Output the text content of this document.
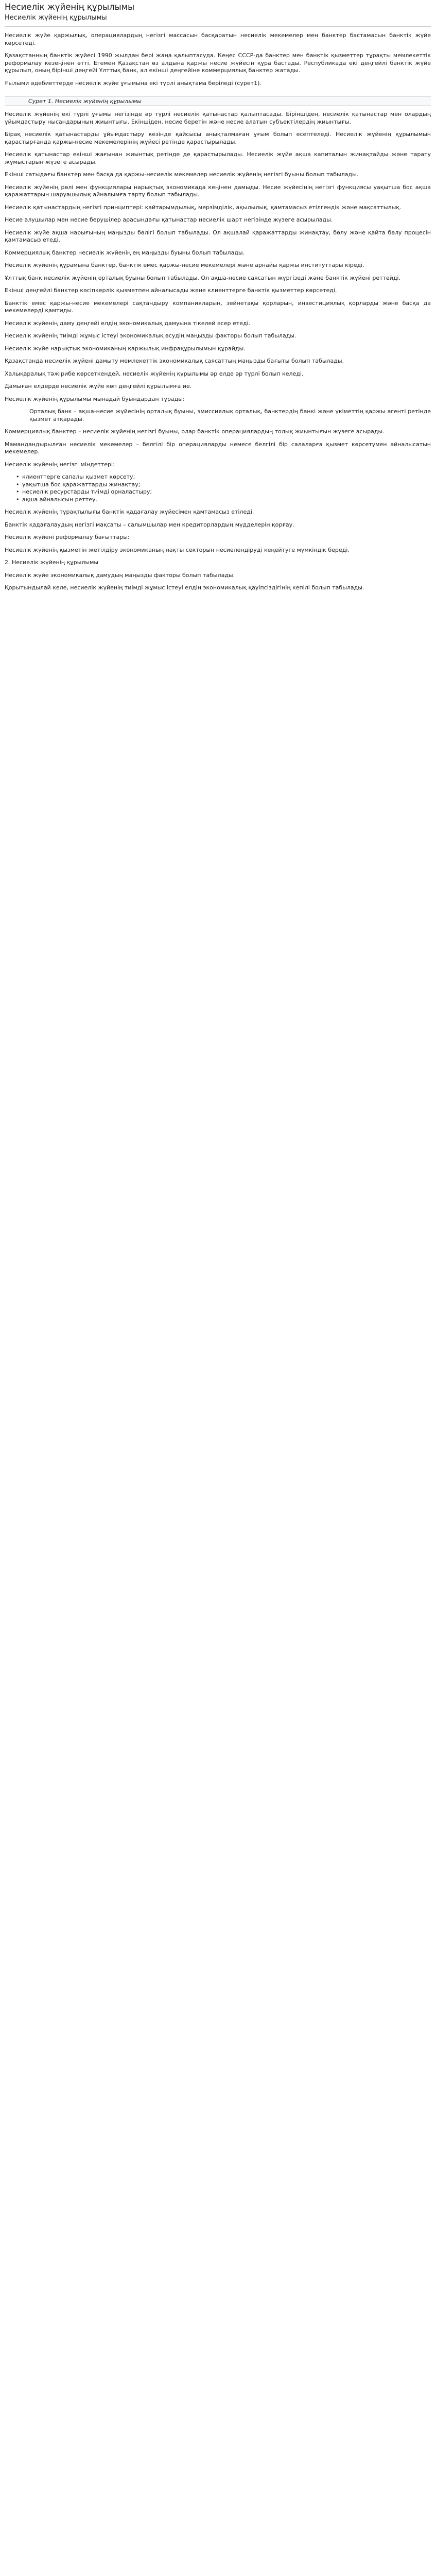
Несиелік жүйенің құрылымы
Несиелік жүйенің құрылымы

Несиелік жүйе қаржылық, операциялардың негізгі массасын басқаратын несиелік мекемелер мен банктер бастамасын банктік жүйе көрсетеді.

Қазақстанның банктік жүйесі 1990 жылдан бері жаңа қалыптасуда. Кеңес СССР-да банктер мен банктік қызметтер тұрақты мемлекеттік реформалау кезеңінен өтті. Егемен Қазақстан өз алдына қаржы несие жүйесін құра бастады. Республикада екі деңгейлі банктік жүйе құрылып, оның бірінші деңгейі Ұлттық банк, ал екінші деңгейіне коммерциялық банктер жатады.

Ғылыми әдебиеттерде несиелік жүйе ұғымына екі түрлі анықтама беріледі (сурет1).

Сурет 1. Несиелік жүйенің құрылымы

Несиелік жүйенің екі түрлі ұғымы негізінде әр түрлі несиелік қатынастар қалыптасады. Біріншіден, несиелік қатынастар мен олардың ұйымдастыру нысандарының жиынтығы. Екіншіден, несие беретін және несие алатын субъектілердің жиынтығы.

Бірақ несиелік қатынастарды ұйымдастыру кезінде қайсысы анықталмаған ұғым болып есептеледі. Несиелік жүйенің құрылымын қарастырғанда қаржы-несие мекемелерінің жүйесі ретінде қарастырылады.

Несиелік қатынастар екінші жағынан жиынтық ретінде де қарастырылады. Несиелік жүйе ақша капиталын жинақтайды және тарату жұмыстарын жүзеге асырады.

Екінші сатыдағы банктер мен басқа да қаржы-несиелік мекемелер несиелік жүйенің негізгі буыны болып табылады.

Несиелік жүйенің рөлі мен функциялары нарықтық экономикада кеңінен дамыды. Несие жүйесінің негізгі функциясы уақытша бос ақша қаражаттарын шаруашылық айналымға тарту болып табылады.

Несиелік қатынастардың негізгі принциптері: қайтарымдылық, мерзімділік, ақылылық, қамтамасыз етілгендік және мақсаттылық.

Несие алушылар мен несие берушілер арасындағы қатынастар несиелік шарт негізінде жүзеге асырылады.

Несиелік жүйе ақша нарығының маңызды бөлігі болып табылады. Ол ақшалай қаражаттарды жинақтау, бөлу және қайта бөлу процесін қамтамасыз етеді.

Коммерциялық банктер несиелік жүйенің ең маңызды буыны болып табылады.

Несиелік жүйенің құрамына банктер, банктік емес қаржы-несие мекемелері және арнайы қаржы институттары кіреді.

Ұлттық банк несиелік жүйенің орталық буыны болып табылады. Ол ақша-несие саясатын жүргізеді және банктік жүйені реттейді.

Екінші деңгейлі банктер кәсіпкерлік қызметпен айналысады және клиенттерге банктік қызметтер көрсетеді.

Банктік емес қаржы-несие мекемелері сақтандыру компанияларын, зейнетақы қорларын, инвестициялық қорларды және басқа да мекемелерді қамтиды.

Несиелік жүйенің даму деңгейі елдің экономикалық дамуына тікелей әсер етеді.

Несиелік жүйенің тиімді жұмыс істеуі экономикалық өсудің маңызды факторы болып табылады.

Несиелік жүйе нарықтық экономиканың қаржылық инфрақұрылымын құрайды.

Қазақстанда несиелік жүйені дамыту мемлекеттік экономикалық саясаттың маңызды бағыты болып табылады.

Халықаралық тәжірибе көрсеткендей, несиелік жүйенің құрылымы әр елде әр түрлі болып келеді.

Дамыған елдерде несиелік жүйе көп деңгейлі құрылымға ие.

Несиелік жүйенің құрылымы мынадай буындардан тұрады:

Орталық банк – ақша-несие жүйесінің орталық буыны, эмиссиялық орталық, банктердің банкі және үкіметтің қаржы агенті ретінде қызмет атқарады.

Коммерциялық банктер – несиелік жүйенің негізгі буыны, олар банктік операциялардың толық жиынтығын жүзеге асырады.

Мамандандырылған несиелік мекемелер – белгілі бір операцияларды немесе белгілі бір салаларға қызмет көрсетумен айналысатын мекемелер.

Несиелік жүйенің негізгі міндеттері:

• клиенттерге сапалы қызмет көрсету;
• уақытша бос қаражаттарды жинақтау;
• несиелік ресурстарды тиімді орналастыру;
• ақша айналысын реттеу.

Несиелік жүйенің тұрақтылығы банктік қадағалау жүйесімен қамтамасыз етіледі.

Банктік қадағалаудың негізгі мақсаты – салымшылар мен кредиторлардың мүдделерін қорғау.

Несиелік жүйені реформалау бағыттары:

Несиелік жүйенің қызметін жетілдіру экономиканың нақты секторын несиелендіруді кеңейтуге мүмкіндік береді.

2. Несиелік жүйенің құрылымы

Несиелік жүйе экономикалық дамудың маңызды факторы болып табылады.

Қорытындылай келе, несиелік жүйенің тиімді жұмыс істеуі елдің экономикалық қауіпсіздігінің кепілі болып табылады.
